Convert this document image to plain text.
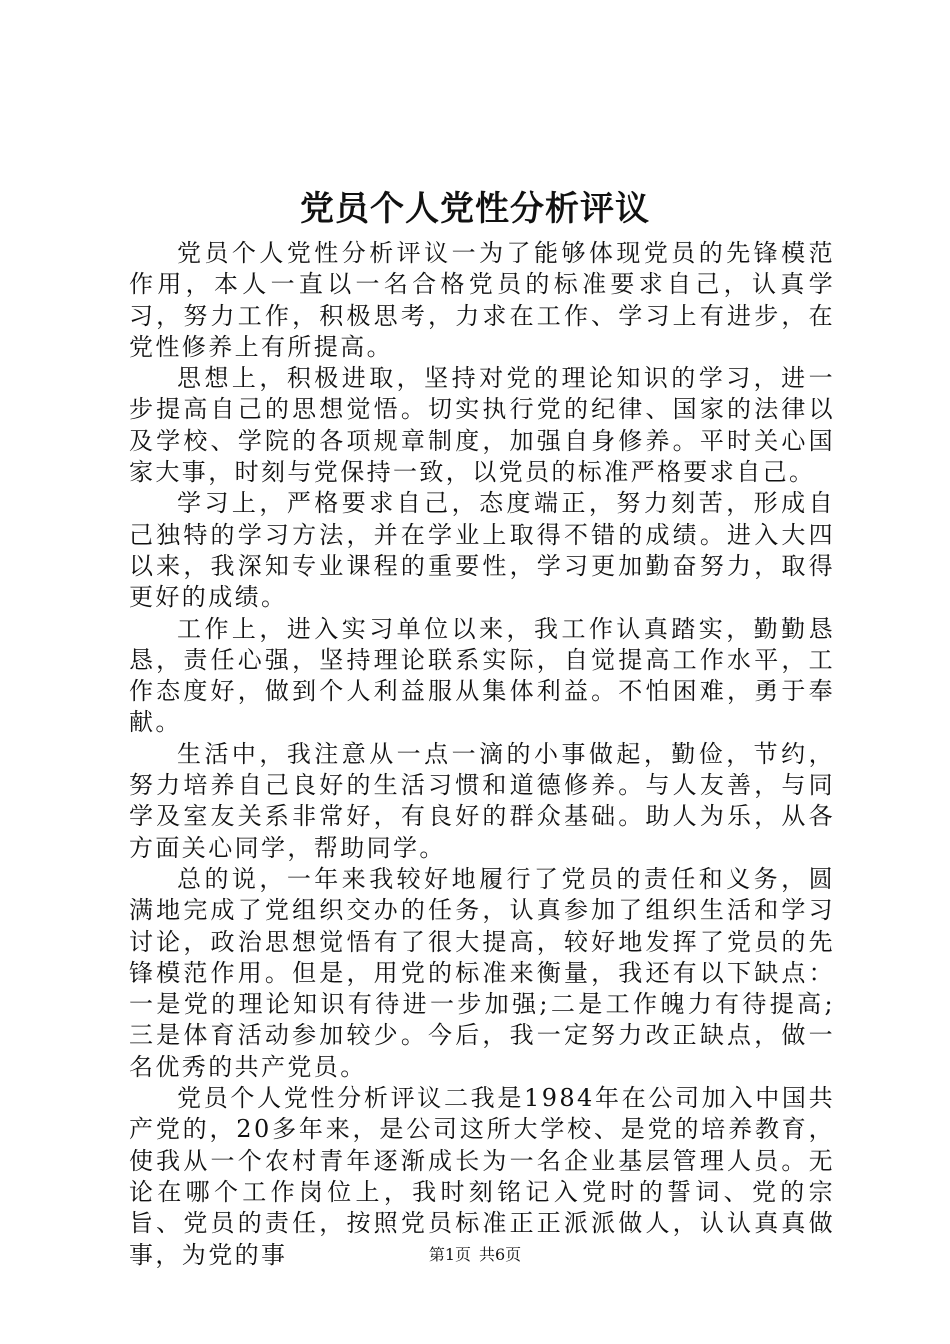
党员个人党性分析评议

党员个人党性分析评议一为了能够体现党员的先锋模范作用，本人一直以一名合格党员的标准要求自己，认真学习，努力工作，积极思考，力求在工作、学习上有进步，在党性修养上有所提高。

思想上，积极进取，坚持对党的理论知识的学习，进一步提高自己的思想觉悟。切实执行党的纪律、国家的法律以及学校、学院的各项规章制度，加强自身修养。平时关心国家大事，时刻与党保持一致，以党员的标准严格要求自己。

学习上，严格要求自己，态度端正，努力刻苦，形成自己独特的学习方法，并在学业上取得不错的成绩。进入大四以来，我深知专业课程的重要性，学习更加勤奋努力，取得更好的成绩。

工作上，进入实习单位以来，我工作认真踏实，勤勤恳恳，责任心强，坚持理论联系实际，自觉提高工作水平，工作态度好，做到个人利益服从集体利益。不怕困难，勇于奉献。

生活中，我注意从一点一滴的小事做起，勤俭，节约，努力培养自己良好的生活习惯和道德修养。与人友善，与同学及室友关系非常好，有良好的群众基础。助人为乐，从各方面关心同学，帮助同学。

总的说，一年来我较好地履行了党员的责任和义务，圆满地完成了党组织交办的任务，认真参加了组织生活和学习讨论，政治思想觉悟有了很大提高，较好地发挥了党员的先锋模范作用。但是，用党的标准来衡量，我还有以下缺点：一是党的理论知识有待进一步加强;二是工作魄力有待提高;三是体育活动参加较少。今后，我一定努力改正缺点，做一名优秀的共产党员。

党员个人党性分析评议二我是1984年在公司加入中国共产党的，20多年来，是公司这所大学校、是党的培养教育，使我从一个农村青年逐渐成长为一名企业基层管理人员。无论在哪个工作岗位上，我时刻铭记入党时的誓词、党的宗旨、党员的责任，按照党员标准正正派派做人，认认真真做事，为党的事	第1页 共6页
